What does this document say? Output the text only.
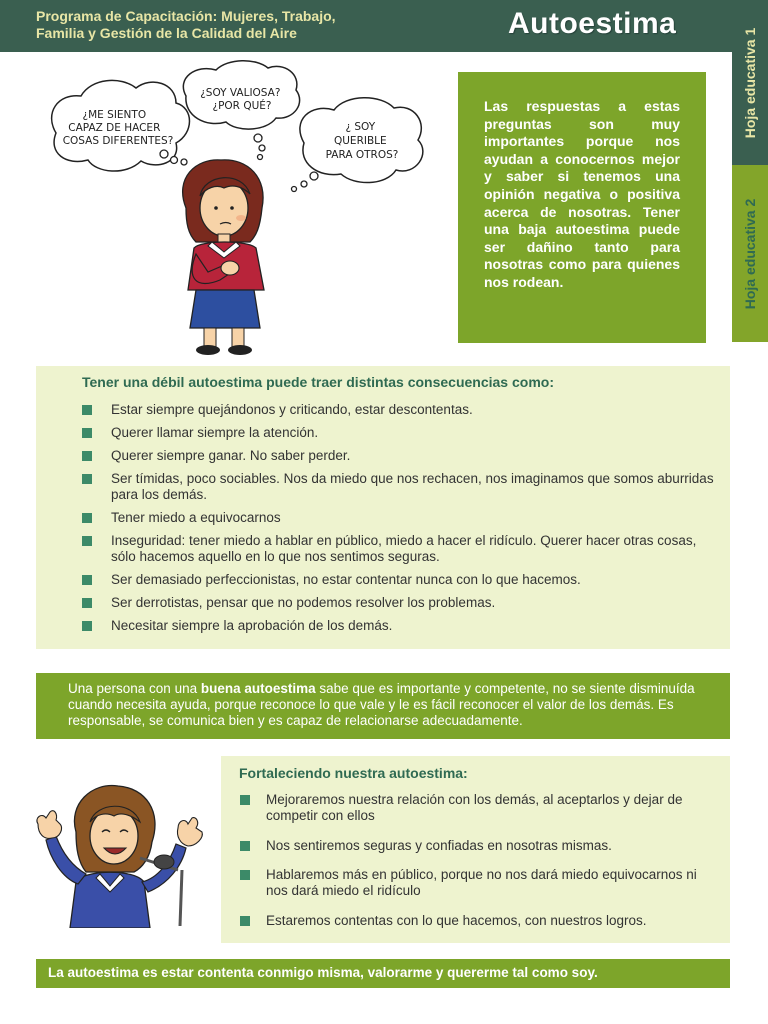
Programa de Capacitación: Mujeres, Trabajo,
Familia y Gestión de la Calidad del Aire	Autoestima
Hoja educativa 1
Hoja educativa 2
¿ME SIENTO CAPAZ DE HACER COSAS DIFERENTES?
¿SOY VALIOSA? ¿POR QUÉ?
¿ SOY QUERIBLE PARA OTROS?

Las respuestas a estas preguntas son muy importantes porque nos ayudan a conocernos mejor y saber si tenemos una opinión negativa o positiva acerca de nosotras. Tener una baja autoestima puede ser dañino tanto para nosotras como para quienes nos rodean.

Tener una débil autoestima puede traer distintas consecuencias como:
Estar siempre quejándonos y criticando, estar descontentas.
Querer llamar siempre la atención.
Querer siempre ganar. No saber perder.
Ser tímidas, poco sociables. Nos da miedo que nos rechacen, nos imaginamos que somos aburridas para los demás.
Tener miedo a equivocarnos
Inseguridad: tener miedo a hablar en público, miedo a hacer el ridículo. Querer hacer otras cosas, sólo hacemos aquello en lo que nos sentimos seguras.
Ser demasiado perfeccionistas, no estar contentar nunca con lo que hacemos.
Ser derrotistas, pensar que no podemos resolver los problemas.
Necesitar siempre la aprobación de los demás.

Una persona con una buena autoestima sabe que es importante y competente, no se siente disminuída cuando necesita ayuda, porque reconoce lo que vale y le es fácil reconocer el valor de los demás. Es responsable, se comunica bien y es capaz de relacionarse adecuadamente.

Fortaleciendo nuestra autoestima:
Mejoraremos nuestra relación con los demás, al aceptarlos y dejar de competir con ellos
Nos sentiremos seguras y confiadas en nosotras mismas.
Hablaremos más en público, porque no nos dará miedo equivocarnos ni nos dará miedo el ridículo
Estaremos contentas con lo que hacemos, con nuestros logros.
La autoestima es estar contenta conmigo misma, valorarme y quererme tal como soy.
